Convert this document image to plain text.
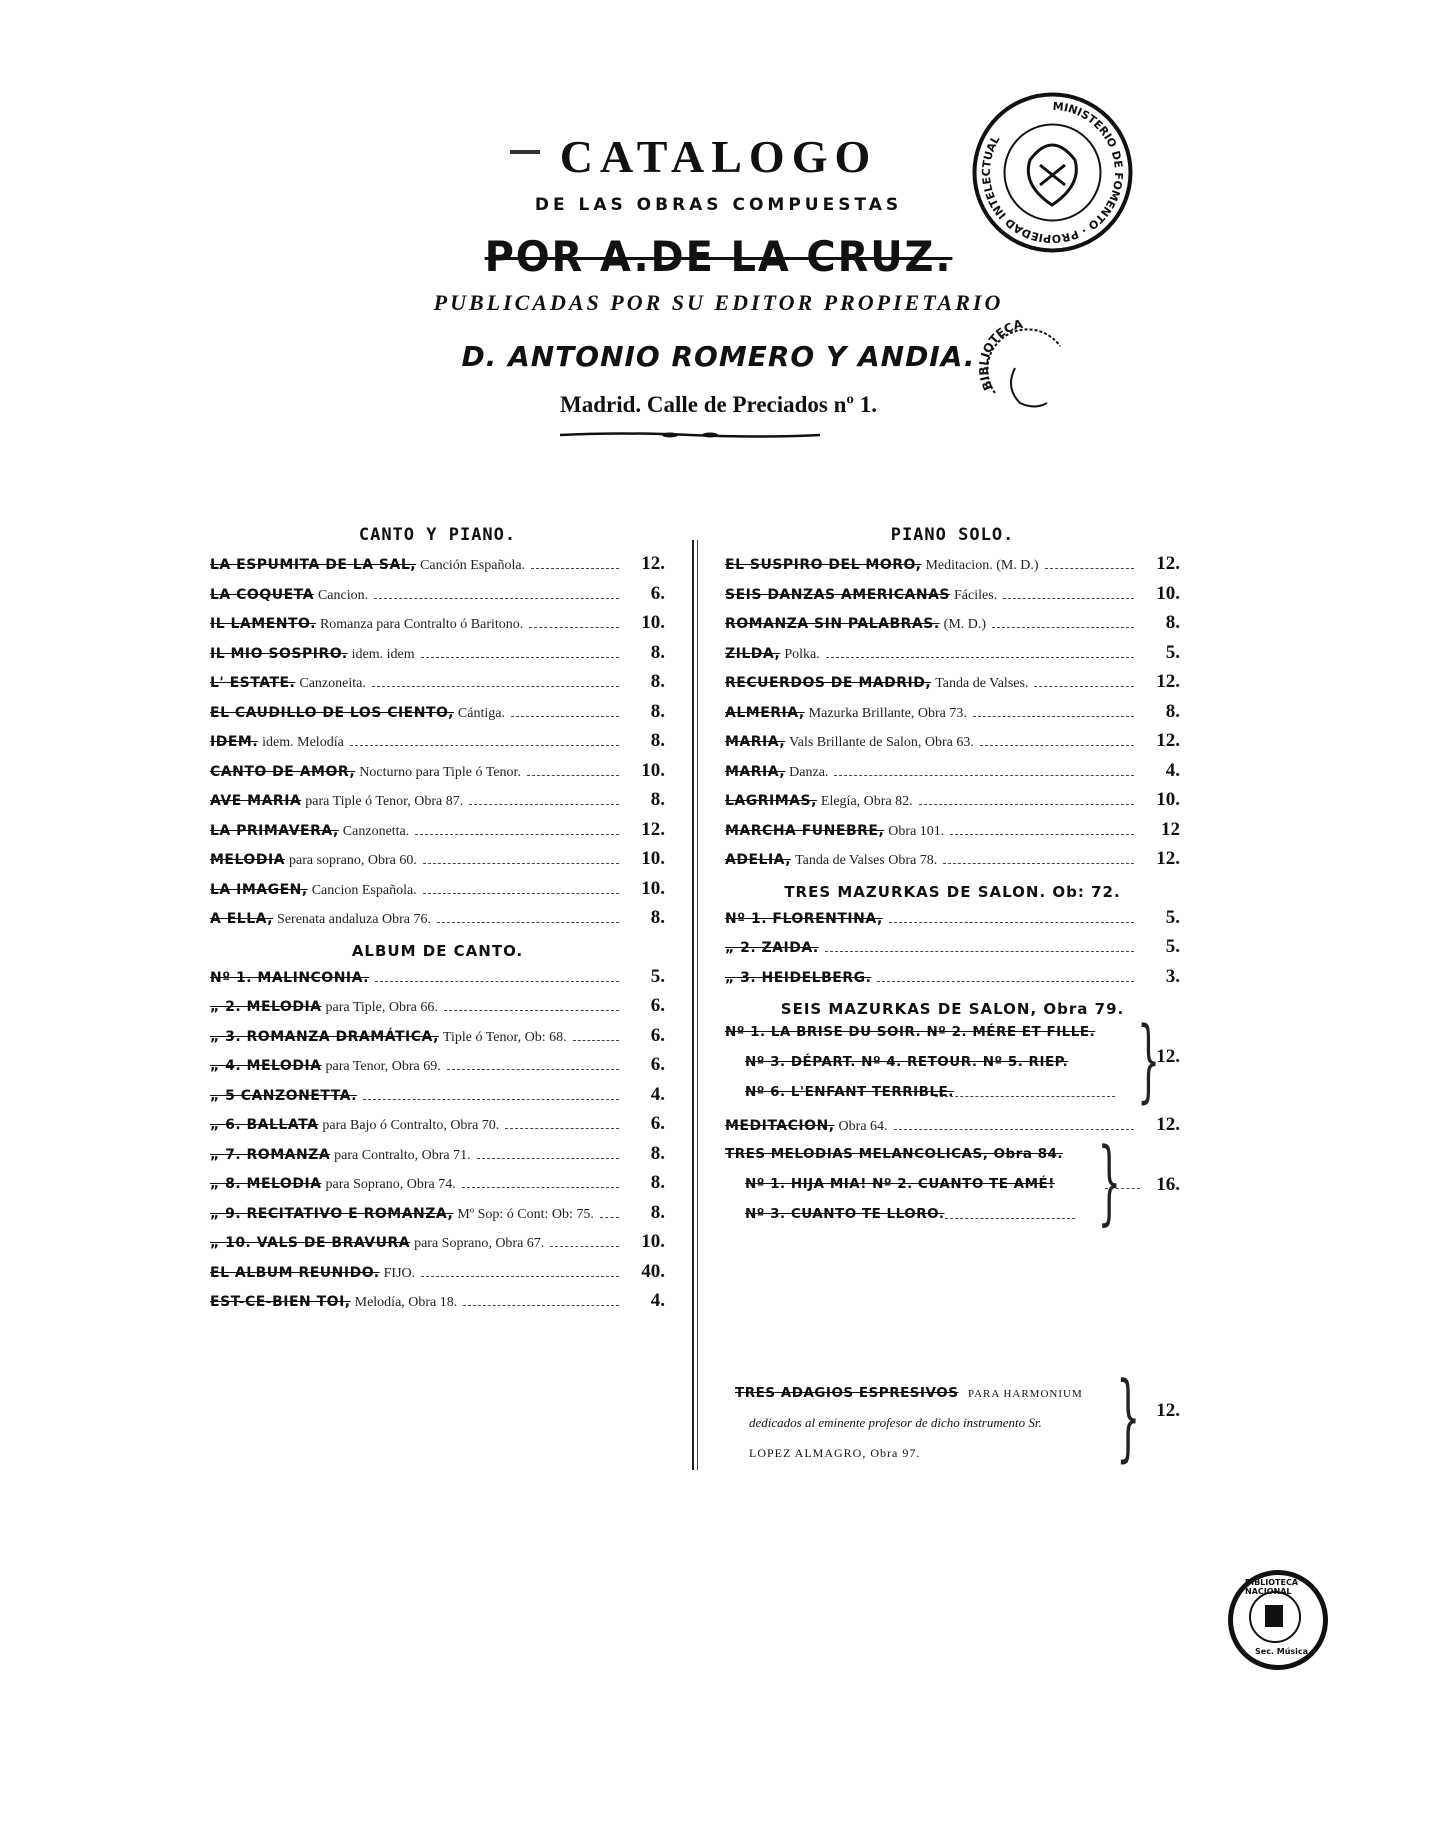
CATALOGO
DE LAS OBRAS COMPUESTAS
POR A.DE LA CRUZ.
PUBLICADAS POR SU EDITOR PROPIETARIO
D. ANTONIO ROMERO Y ANDIA.
Madrid. Calle de Preciados nº 1.
MINISTERIO DE FOMENTO · PROPIEDAD INTELECTUAL
BIBLIOTECA
CANTO Y PIANO.
LA ESPUMITA DE LA SAL, Canción Española.	12.
LA COQUETA Cancion.	6.
IL LAMENTO. Romanza para Contralto ó Baritono.	10.
IL MIO SOSPIRO. idem. idem	8.
L' ESTATE. Canzoneita.	8.
EL CAUDILLO DE LOS CIENTO, Cántiga.	8.
IDEM. idem. Melodía	8.
CANTO DE AMOR, Nocturno para Tiple ó Tenor.	10.
AVE MARIA para Tiple ó Tenor, Obra 87.	8.
LA PRIMAVERA, Canzonetta.	12.
MELODIA para soprano, Obra 60.	10.
LA IMAGEN, Cancion Española.	10.
A ELLA, Serenata andaluza Obra 76.	8.
ALBUM DE CANTO.
Nº 1. MALINCONIA.	5.
„ 2. MELODIA para Tiple, Obra 66.	6.
„ 3. ROMANZA DRAMÁTICA, Tiple ó Tenor, Ob: 68.	6.
„ 4. MELODIA para Tenor, Obra 69.	6.
„ 5 CANZONETTA.	4.
„ 6. BALLATA para Bajo ó Contralto, Obra 70.	6.
„ 7. ROMANZA para Contralto, Obra 71.	8.
„ 8. MELODIA para Soprano, Obra 74.	8.
„ 9. RECITATIVO E ROMANZA, Mº Sop: ó Cont: Ob: 75.	8.
„ 10. VALS DE BRAVURA para Soprano, Obra 67.	10.
EL ALBUM REUNIDO. FIJO.	40.
EST-CE-BIEN TOI, Melodía, Obra 18.	4.
PIANO SOLO.
EL SUSPIRO DEL MORO, Meditacion. (M. D.)	12.
SEIS DANZAS AMERICANAS Fáciles.	10.
ROMANZA SIN PALABRAS. (M. D.)	8.
ZILDA, Polka.	5.
RECUERDOS DE MADRID, Tanda de Valses.	12.
ALMERIA, Mazurka Brillante, Obra 73.	8.
MARIA, Vals Brillante de Salon, Obra 63.	12.
MARIA, Danza.	4.
LAGRIMAS, Elegía, Obra 82.	10.
MARCHA FUNEBRE, Obra 101.	12
ADELIA, Tanda de Valses Obra 78.	12.
TRES MAZURKAS DE SALON. Ob: 72.
Nº 1. FLORENTINA,	5.
„ 2. ZAIDA.	5.
„ 3. HEIDELBERG.	3.
SEIS MAZURKAS DE SALON, Obra 79.
Nº 1. LA BRISE DU SOIR. Nº 2. MÉRE ET FILLE.
Nº 3. DÉPART. Nº 4. RETOUR. Nº 5. RIEP.
Nº 6. L'ENFANT TERRIBLE. }
12.
MEDITACION, Obra 64.	12.
TRES MELODIAS MELANCOLICAS, Obra 84.
Nº 1. HIJA MIA! Nº 2. CUANTO TE AMÉ!
Nº 3. CUANTO TE LLORO. }	16.
TRES ADAGIOS ESPRESIVOS PARA HARMONIUM
dedicados al eminente profesor de dicho instrumento Sr.
LOPEZ ALMAGRO, Obra 97.	} 12.
BIBLIOTECA NACIONAL
Sec. Música
